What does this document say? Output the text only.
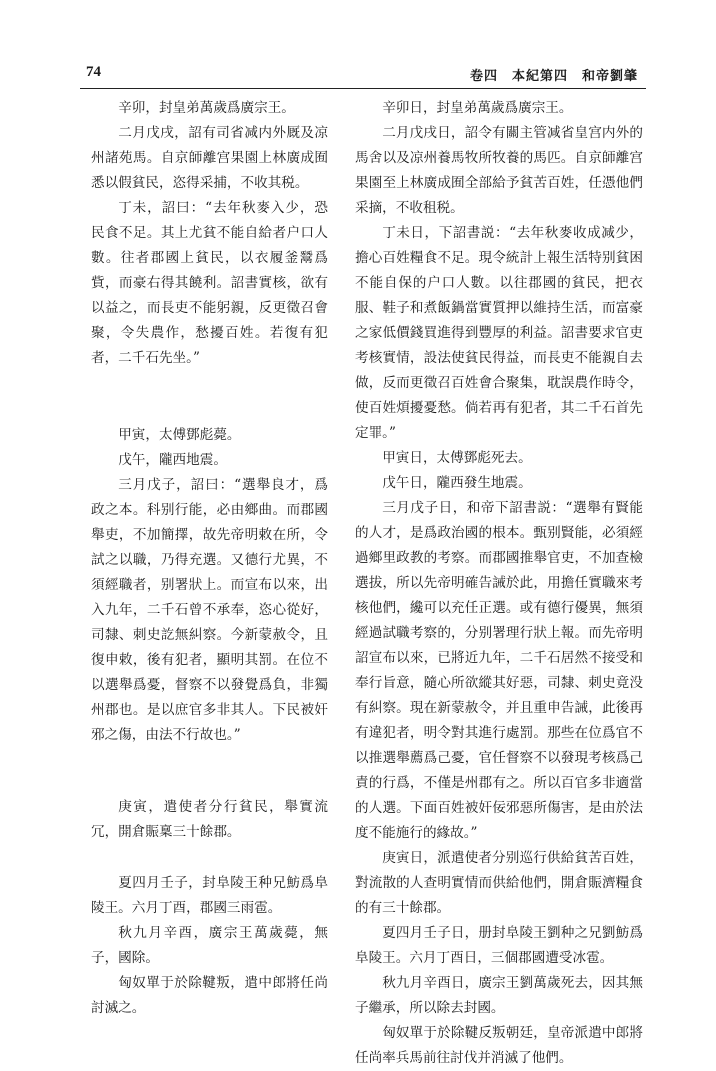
74	卷四　本紀第四　和帝劉肇

辛卯，封皇弟萬歲爲廣宗王。

二月戊戌，詔有司省减内外厩及凉州諸苑馬。自京師離宫果園上林廣成囿悉以假貧民，恣得采捕，不收其税。

丁未，詔曰：“去年秋麥入少，恐民食不足。其上尤貧不能自給者户口人數。往者郡國上貧民，以衣履釜鬵爲貲，而豪右得其饒利。詔書實核，欲有以益之，而長吏不能躬親，反更徵召會聚，令失農作，愁擾百姓。若復有犯者，二千石先坐。”

甲寅，太傅鄧彪薨。

戊午，隴西地震。

三月戊子，詔曰：“選舉良才，爲政之本。科别行能，必由鄉曲。而郡國舉吏，不加簡擇，故先帝明敕在所，令試之以職，乃得充選。又德行尤異，不須經職者，别署狀上。而宣布以來，出入九年，二千石曾不承奉，恣心從好，司隸、刺史訖無糾察。今新蒙赦令，且復申敕，後有犯者，顯明其罰。在位不以選舉爲憂，督察不以發覺爲負，非獨州郡也。是以庶官多非其人。下民被奸邪之傷，由法不行故也。”

庚寅，遣使者分行貧民，舉實流冗，開倉賑稟三十餘郡。

夏四月壬子，封阜陵王种兄魴爲阜陵王。六月丁酉，郡國三雨雹。

秋九月辛酉，廣宗王萬歲薨，無子，國除。

匈奴單于於除鞬叛，遣中郎將任尚討滅之。

辛卯日，封皇弟萬歲爲廣宗王。

二月戊戌日，詔令有關主管减省皇宫内外的馬舍以及凉州養馬牧所牧養的馬匹。自京師離宫果園至上林廣成囿全部給予貧苦百姓，任憑他們采摘，不收租税。

丁未日，下詔書説：“去年秋麥收成减少，擔心百姓糧食不足。現令統計上報生活特别貧困不能自保的户口人數。以往郡國的貧民，把衣服、鞋子和煮飯鍋當實質押以維持生活，而富豪之家低價錢買進得到豐厚的利益。詔書要求官吏考核實情，設法使貧民得益，而長吏不能親自去做，反而更徵召百姓會合聚集，耽誤農作時令，使百姓煩擾憂愁。倘若再有犯者，其二千石首先定罪。”

甲寅日，太傅鄧彪死去。

戊午日，隴西發生地震。

三月戊子日，和帝下詔書説：“選舉有賢能的人才，是爲政治國的根本。甄别賢能，必須經過鄉里政教的考察。而郡國推舉官吏，不加查檢選拔，所以先帝明確告誡於此，用擔任實職來考核他們，纔可以充任正選。或有德行優異，無須經過試職考察的，分别署理行狀上報。而先帝明詔宣布以來，已將近九年，二千石居然不接受和奉行旨意，隨心所欲縱其好惡，司隸、刺史竟没有糾察。現在新蒙赦令，并且重申告誡，此後再有違犯者，明令對其進行處罰。那些在位爲官不以推選舉薦爲己憂，官任督察不以發現考核爲己責的行爲，不僅是州郡有之。所以百官多非適當的人選。下面百姓被奸佞邪惡所傷害，是由於法度不能施行的緣故。”

庚寅日，派遣使者分别巡行供給貧苦百姓，對流散的人查明實情而供給他們，開倉賑濟糧食的有三十餘郡。

夏四月壬子日，册封阜陵王劉种之兄劉魴爲阜陵王。六月丁酉日，三個郡國遭受冰雹。

秋九月辛酉日，廣宗王劉萬歲死去，因其無子繼承，所以除去封國。

匈奴單于於除鞬反叛朝廷，皇帝派遣中郎將任尚率兵馬前往討伐并消滅了他們。
